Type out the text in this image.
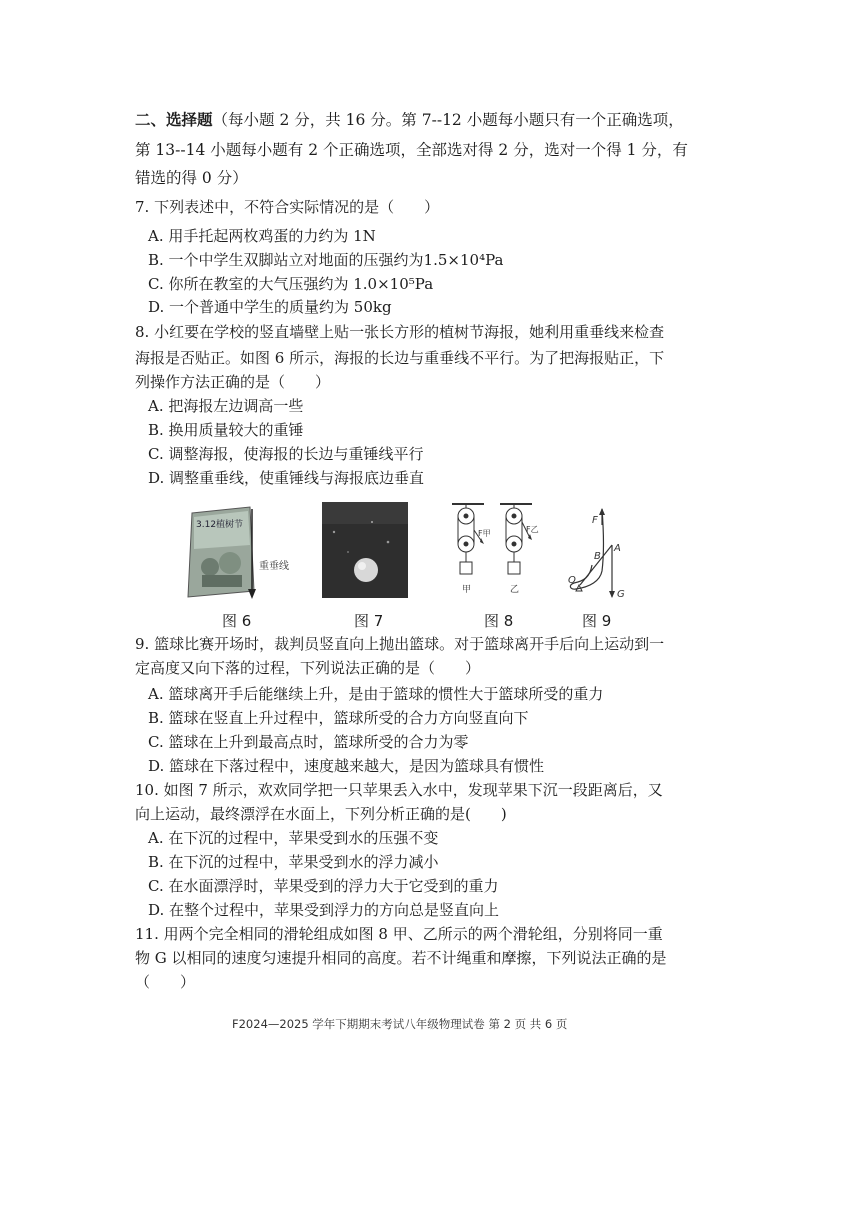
二、选择题（每小题 2 分，共 16 分。第 7--12 小题每小题只有一个正确选项，
第 13--14 小题每小题有 2 个正确选项，全部选对得 2 分，选对一个得 1 分，有
错选的得 0 分）
7. 下列表述中，不符合实际情况的是（　　）
A. 用手托起两枚鸡蛋的力约为 1N
B. 一个中学生双脚站立对地面的压强约为1.5×10⁴Pa
C. 你所在教室的大气压强约为 1.0×10⁵Pa
D. 一个普通中学生的质量约为 50kg
8. 小红要在学校的竖直墙壁上贴一张长方形的植树节海报，她利用重垂线来检查
海报是否贴正。如图 6 所示，海报的长边与重垂线不平行。为了把海报贴正，下
列操作方法正确的是（　　）
A. 把海报左边调高一些
B. 换用质量较大的重锤
C. 调整海报，使海报的长边与重锤线平行
D. 调整重垂线，使重锤线与海报底边垂直
3.12植树节
重垂线
图 6	图 7
F甲	F乙
甲	乙
图 8
F
A
B
O
G
图 9
9. 篮球比赛开场时，裁判员竖直向上抛出篮球。对于篮球离开手后向上运动到一
定高度又向下落的过程，下列说法正确的是（　　）
A. 篮球离开手后能继续上升，是由于篮球的惯性大于篮球所受的重力
B. 篮球在竖直上升过程中，篮球所受的合力方向竖直向下
C. 篮球在上升到最高点时，篮球所受的合力为零
D. 篮球在下落过程中，速度越来越大，是因为篮球具有惯性
10. 如图 7 所示，欢欢同学把一只苹果丢入水中，发现苹果下沉一段距离后，又
向上运动，最终漂浮在水面上，下列分析正确的是(　　)
A. 在下沉的过程中，苹果受到水的压强不变
B. 在下沉的过程中，苹果受到水的浮力减小
C. 在水面漂浮时，苹果受到的浮力大于它受到的重力
D. 在整个过程中，苹果受到浮力的方向总是竖直向上
11. 用两个完全相同的滑轮组成如图 8 甲、乙所示的两个滑轮组，分别将同一重
物 G 以相同的速度匀速提升相同的高度。若不计绳重和摩擦，下列说法正确的是
（　　）
F2024—2025 学年下期期末考试八年级物理试卷 第 2 页 共 6 页
